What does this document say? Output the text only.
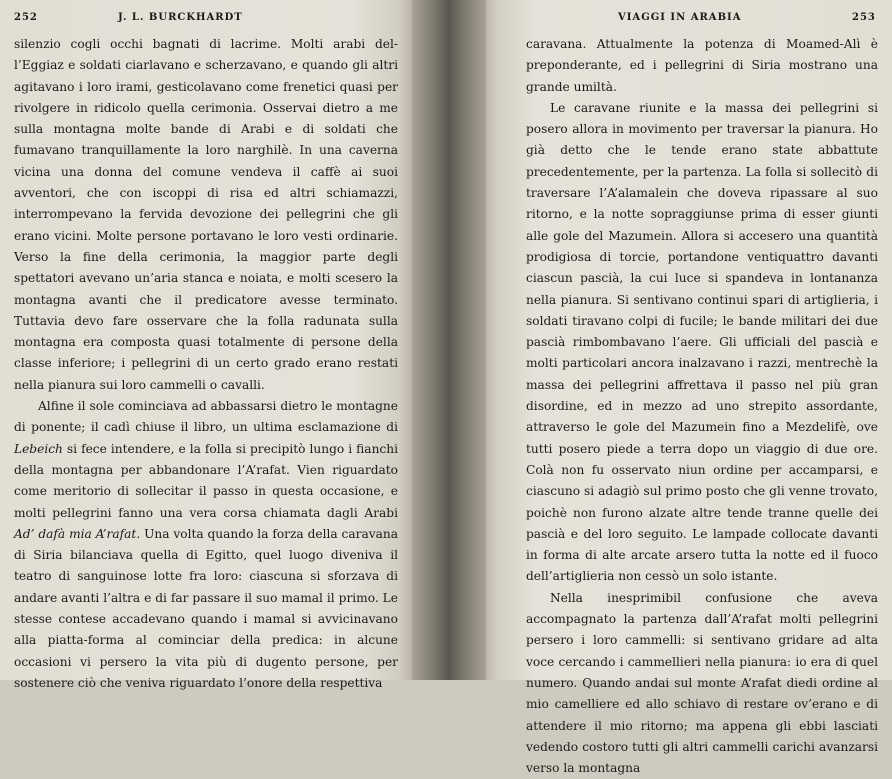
252	J. L. BURCKHARDT

silenzio cogli occhi bagnati di lacrime. Molti arabi del-l’Eggiaz e soldati ciarlavano e scherzavano, e quando gli altri agitavano i loro irami, gesticolavano come frenetici quasi per rivolgere in ridicolo quella cerimonia. Osservai dietro a me sulla montagna molte bande di Arabi e di soldati che fumavano tranquillamente la loro narghilè. In una caverna vicina una donna del comune vendeva il caffè ai suoi avventori, che con iscoppi di risa ed altri schiamazzi, interrompevano la fervida devozione dei pellegrini che gli erano vicini. Molte persone portavano le loro vesti ordinarie. Verso la fine della cerimonia, la maggior parte degli spettatori avevano un’aria stanca e noiata, e molti scesero la montagna avanti che il predicatore avesse terminato. Tuttavia devo fare osservare che la folla radunata sulla montagna era composta quasi totalmente di persone della classe inferiore; i pellegrini di un certo grado erano restati nella pianura sui loro cammelli o cavalli.

Alfine il sole cominciava ad abbassarsi dietro le montagne di ponente; il cadì chiuse il libro, un ultima esclamazione di Lebeich si fece intendere, e la folla si precipitò lungo i fianchi della montagna per abbandonare l’A’rafat. Vien riguardato come meritorio di sollecitar il passo in questa occasione, e molti pellegrini fanno una vera corsa chiamata dagli Arabi Ad’ dafà mia A’rafat. Una volta quando la forza della caravana di Siria bilanciava quella di Egitto, quel luogo diveniva il teatro di sanguinose lotte fra loro: ciascuna si sforzava di andare avanti l’altra e di far passare il suo mamal il primo. Le stesse contese accadevano quando i mamal si avvicinavano alla piatta-forma al cominciar della predica: in alcune occasioni vi persero la vita più di dugento persone, per sostenere ciò che veniva riguardato l’onore della respettiva

VIAGGI IN ARABIA	253

caravana. Attualmente la potenza di Moamed-Alì è preponderante, ed i pellegrini di Siria mostrano una grande umiltà.

Le caravane riunite e la massa dei pellegrini si posero allora in movimento per traversar la pianura. Ho già detto che le tende erano state abbattute precedentemente, per la partenza. La folla si sollecitò di traversare l’A’alamalein che doveva ripassare al suo ritorno, e la notte sopraggiunse prima di esser giunti alle gole del Mazumein. Allora si accesero una quantità prodigiosa di torcie, portandone ventiquattro davanti ciascun pascià, la cui luce si spandeva in lontananza nella pianura. Si sentivano continui spari di artiglieria, i soldati tiravano colpi di fucile; le bande militari dei due pascià rimbombavano l’aere. Gli ufficiali del pascià e molti particolari ancora inalzavano i razzi, mentrechè la massa dei pellegrini affrettava il passo nel più gran disordine, ed in mezzo ad uno strepito assordante, attraverso le gole del Mazumein fino a Mezdelifè, ove tutti posero piede a terra dopo un viaggio di due ore. Colà non fu osservato niun ordine per accamparsi, e ciascuno si adagiò sul primo posto che gli venne trovato, poichè non furono alzate altre tende tranne quelle dei pascià e del loro seguito. Le lampade collocate davanti in forma di alte arcate arsero tutta la notte ed il fuoco dell’artiglieria non cessò un solo istante.

Nella inesprimibil confusione che aveva accompagnato la partenza dall’A’rafat molti pellegrini persero i loro cammelli: si sentivano gridare ad alta voce cercando i cammellieri nella pianura: io era di quel numero. Quando andai sul monte A’rafat diedi ordine al mio camelliere ed allo schiavo di restare ov’erano e di attendere il mio ritorno; ma appena gli ebbi lasciati vedendo costoro tutti gli altri cammelli carichi avanzarsi verso la montagna
